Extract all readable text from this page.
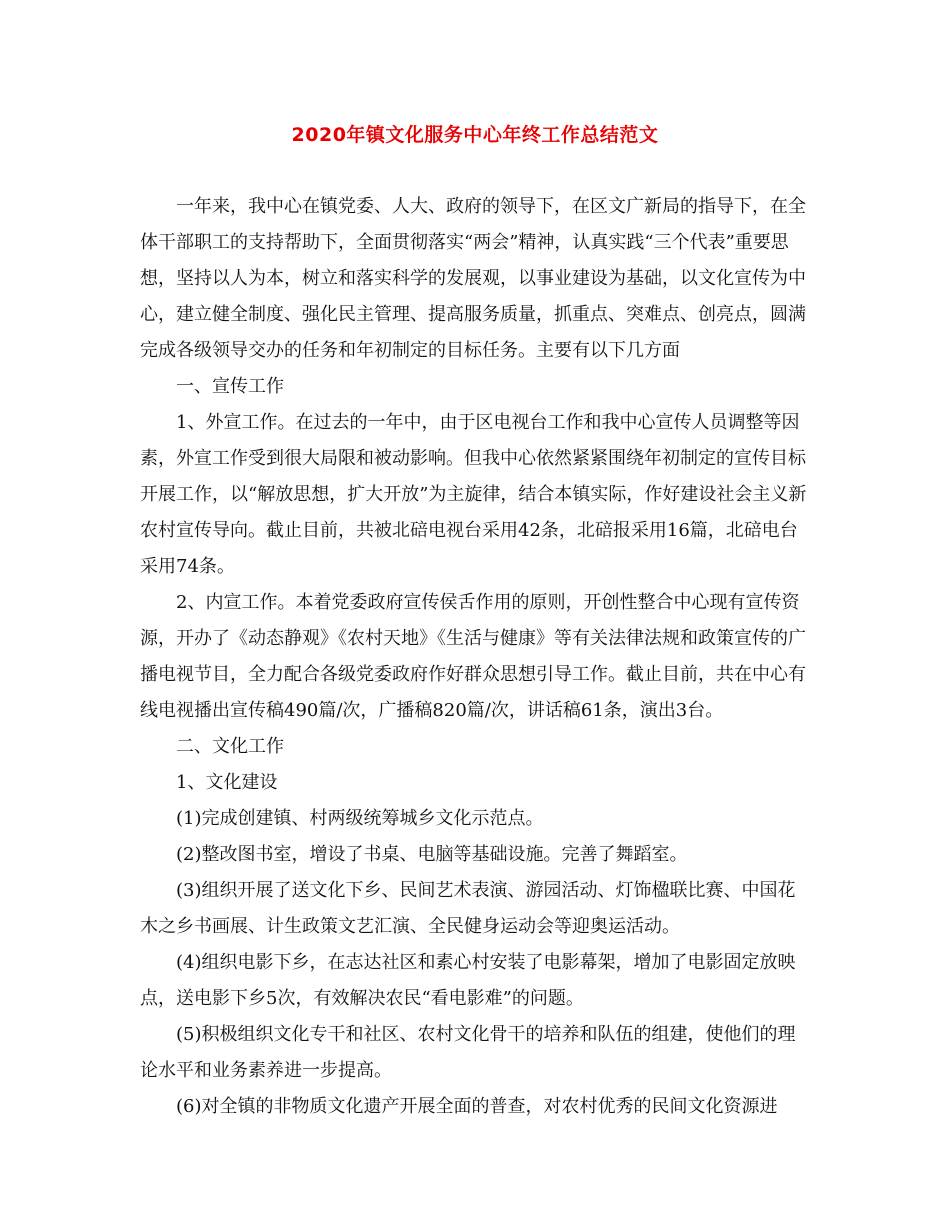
2020年镇文化服务中心年终工作总结范文

一年来，我中心在镇党委、人大、政府的领导下，在区文广新局的指导下，在全体干部职工的支持帮助下，全面贯彻落实“两会”精神，认真实践“三个代表”重要思想，坚持以人为本，树立和落实科学的发展观，以事业建设为基础，以文化宣传为中心，建立健全制度、强化民主管理、提高服务质量，抓重点、突难点、创亮点，圆满完成各级领导交办的任务和年初制定的目标任务。主要有以下几方面

一、宣传工作

1、外宣工作。在过去的一年中，由于区电视台工作和我中心宣传人员调整等因素，外宣工作受到很大局限和被动影响。但我中心依然紧紧围绕年初制定的宣传目标开展工作，以“解放思想，扩大开放”为主旋律，结合本镇实际，作好建设社会主义新农村宣传导向。截止目前，共被北碚电视台采用42条，北碚报采用16篇，北碚电台采用74条。

2、内宣工作。本着党委政府宣传侯舌作用的原则，开创性整合中心现有宣传资源，开办了《动态静观》《农村天地》《生活与健康》等有关法律法规和政策宣传的广播电视节目，全力配合各级党委政府作好群众思想引导工作。截止目前，共在中心有线电视播出宣传稿490篇/次，广播稿820篇/次，讲话稿61条，演出3台。

二、文化工作

1、文化建设

(1)完成创建镇、村两级统筹城乡文化示范点。

(2)整改图书室，增设了书桌、电脑等基础设施。完善了舞蹈室。

(3)组织开展了送文化下乡、民间艺术表演、游园活动、灯饰楹联比赛、中国花木之乡书画展、计生政策文艺汇演、全民健身运动会等迎奥运活动。

(4)组织电影下乡，在志达社区和素心村安装了电影幕架，增加了电影固定放映点，送电影下乡5次，有效解决农民“看电影难”的问题。

(5)积极组织文化专干和社区、农村文化骨干的培养和队伍的组建，使他们的理论水平和业务素养进一步提高。

(6)对全镇的非物质文化遗产开展全面的普查，对农村优秀的民间文化资源进
